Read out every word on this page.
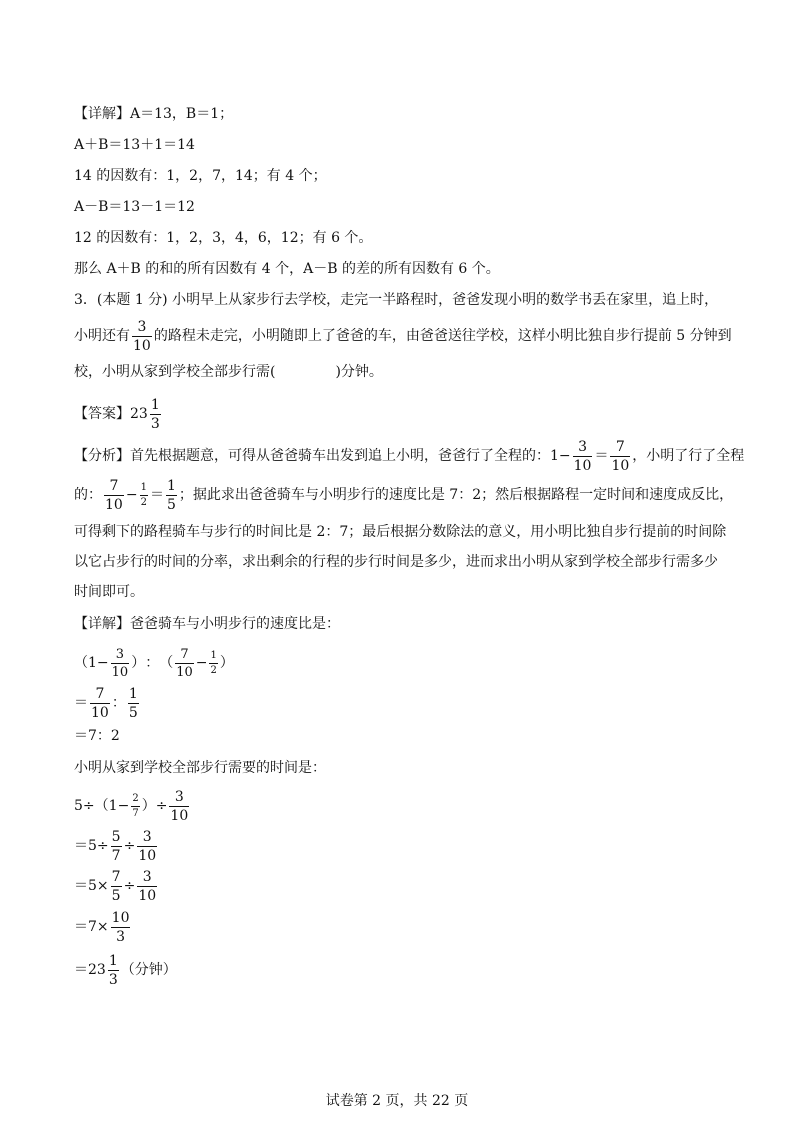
【详解】A＝13，B＝1；
A＋B＝13＋1＝14
14 的因数有：1，2，7，14；有 4 个；
A－B＝13－1＝12
12 的因数有：1，2，3，4，6，12；有 6 个。
那么 A＋B 的和的所有因数有 4 个，A－B 的差的所有因数有 6 个。
3．(本题 1 分) 小明早上从家步行去学校，走完一半路程时，爸爸发现小明的数学书丢在家里，追上时，
小明还有 $\frac{3}{10}$ 的路程未走完，小明随即上了爸爸的车，由爸爸送往学校，这样小明比独自步行提前 5 分钟到
校，小明从家到学校全部步行需(	)分钟。
【答案】 $23 \frac{1}{3}$
【分析】首先根据题意，可得从爸爸骑车出发到追上小明，爸爸行了全程的：$1- \frac{3}{10} = \frac{7}{10}$ ，小明了行了全程
的： $\frac{7}{10} - \frac{1}{2} = \frac{1}{5}$ ；据此求出爸爸骑车与小明步行的速度比是 7：2；然后根据路程一定时间和速度成反比，
可得剩下的路程骑车与步行的时间比是 2：7；最后根据分数除法的意义，用小明比独自步行提前的时间除
以它占步行的时间的分率，求出剩余的行程的步行时间是多少，进而求出小明从家到学校全部步行需多少
时间即可。
【详解】爸爸骑车与小明步行的速度比是：
（ $1 - \frac{3}{10}$ ） ： （ $\frac{7}{10} - \frac{1}{2}$ ）
＝ $\frac{7}{10}$ ： $\frac{1}{5}$
＝7：2
小明从家到学校全部步行需要的时间是：
5 ÷ （ $1 - \frac{2}{7}$ ） ÷ $\frac{3}{10}$
＝ $5 \div \frac{5}{7} \div \frac{3}{10}$
＝ $5 \times \frac{7}{5} \div \frac{3}{10}$
＝ $7 \times \frac{10}{3}$
＝ $23 \frac{1}{3}$ （分钟）
试卷第 2 页，共 22 页
